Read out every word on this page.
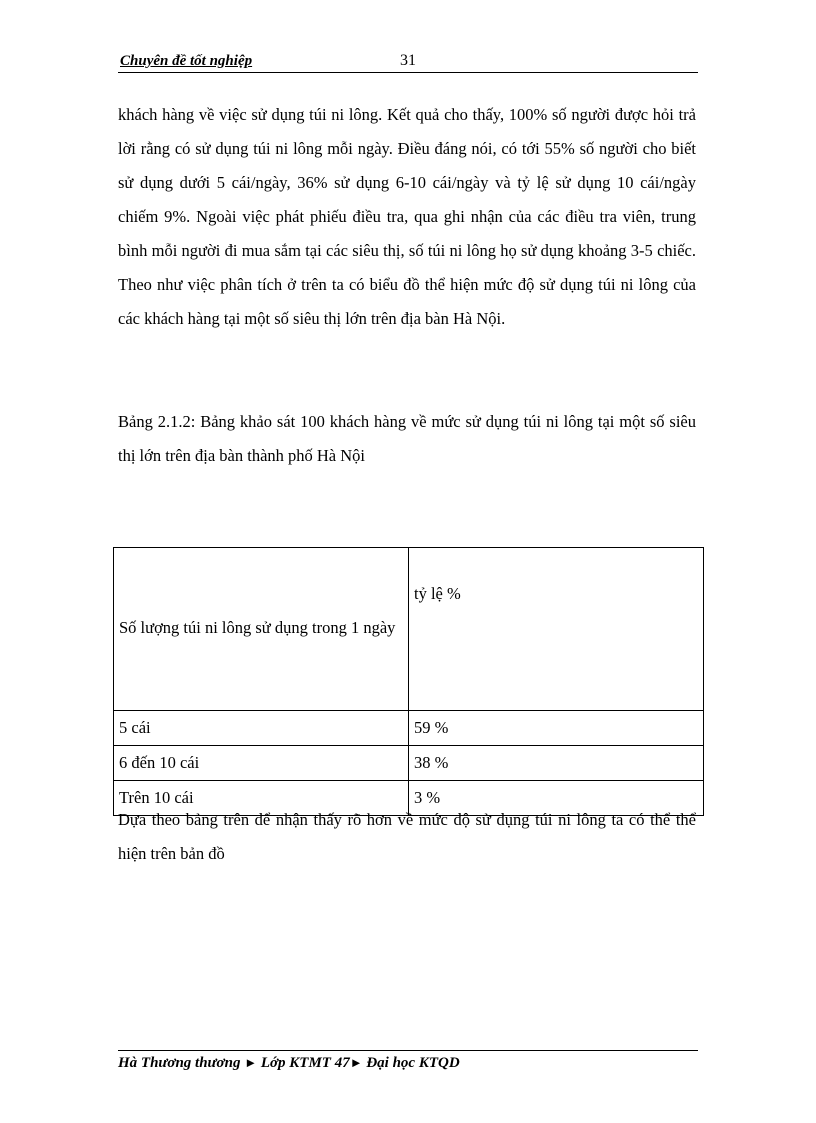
Chuyên đề tốt nghiệp	31

khách hàng về việc sử dụng túi ni lông. Kết quả cho thấy, 100% số người được hỏi trả lời rằng có sử dụng túi ni lông mỗi ngày. Điều đáng nói, có tới 55% số người cho biết sử dụng dưới 5 cái/ngày, 36% sử dụng 6-10 cái/ngày và tỷ lệ sử dụng 10 cái/ngày chiếm 9%. Ngoài việc phát phiếu điều tra, qua ghi nhận của các điều tra viên, trung bình mỗi người đi mua sắm tại các siêu thị, số túi ni lông họ sử dụng khoảng 3-5 chiếc. Theo như việc phân tích ở trên ta có biểu đồ thể hiện mức độ sử dụng túi ni lông của các khách hàng tại một số siêu thị lớn trên địa bàn Hà Nội.

Bảng 2.1.2: Bảng khảo sát 100 khách hàng về mức sử dụng túi ni lông tại một số siêu thị lớn trên địa bàn thành phố Hà Nội

Số lượng túi ni lông sử dụng trong 1 ngày	tỷ lệ %
5 cái	59 %
6 đến 10 cái	38 %
Trên 10 cái	3 %

Dựa theo bảng trên để nhận thấy rõ hơn về mức độ sử dụng túi ni lông ta có thể thể hiện trên bản đồ

Hà Thương thương ► Lớp KTMT 47► Đại học KTQD
